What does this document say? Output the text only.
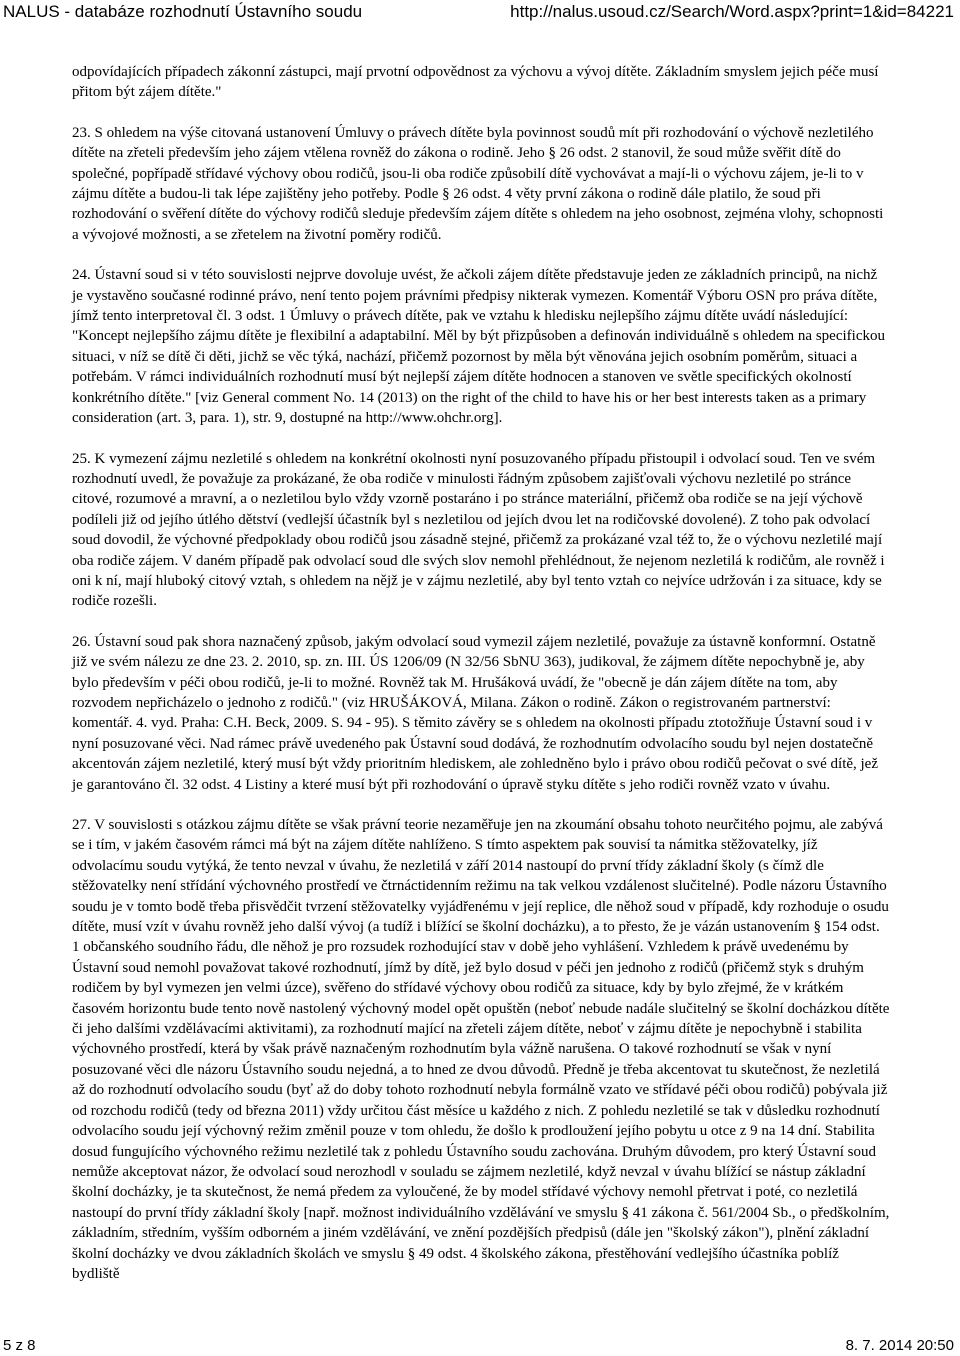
NALUS - databáze rozhodnutí Ústavního soudu	http://nalus.usoud.cz/Search/Word.aspx?print=1&id=84221

odpovídajících případech zákonní zástupci, mají prvotní odpovědnost za výchovu a vývoj dítěte. Základním smyslem jejich péče musí přitom být zájem dítěte."

23. S ohledem na výše citovaná ustanovení Úmluvy o právech dítěte byla povinnost soudů mít při rozhodování o výchově nezletilého dítěte na zřeteli především jeho zájem vtělena rovněž do zákona o rodině. Jeho § 26 odst. 2 stanovil, že soud může svěřit dítě do společné, popřípadě střídavé výchovy obou rodičů, jsou-li oba rodiče způsobilí dítě vychovávat a mají-li o výchovu zájem, je-li to v zájmu dítěte a budou-li tak lépe zajištěny jeho potřeby. Podle § 26 odst. 4 věty první zákona o rodině dále platilo, že soud při rozhodování o svěření dítěte do výchovy rodičů sleduje především zájem dítěte s ohledem na jeho osobnost, zejména vlohy, schopnosti a vývojové možnosti, a se zřetelem na životní poměry rodičů.

24. Ústavní soud si v této souvislosti nejprve dovoluje uvést, že ačkoli zájem dítěte představuje jeden ze základních principů, na nichž je vystavěno současné rodinné právo, není tento pojem právními předpisy nikterak vymezen. Komentář Výboru OSN pro práva dítěte, jímž tento interpretoval čl. 3 odst. 1 Úmluvy o právech dítěte, pak ve vztahu k hledisku nejlepšího zájmu dítěte uvádí následující: "Koncept nejlepšího zájmu dítěte je flexibilní a adaptabilní. Měl by být přizpůsoben a definován individuálně s ohledem na specifickou situaci, v níž se dítě či děti, jichž se věc týká, nachází, přičemž pozornost by měla být věnována jejich osobním poměrům, situaci a potřebám. V rámci individuálních rozhodnutí musí být nejlepší zájem dítěte hodnocen a stanoven ve světle specifických okolností konkrétního dítěte." [viz General comment No. 14 (2013) on the right of the child to have his or her best interests taken as a primary consideration (art. 3, para. 1), str. 9, dostupné na http://www.ohchr.org].

25. K vymezení zájmu nezletilé s ohledem na konkrétní okolnosti nyní posuzovaného případu přistoupil i odvolací soud. Ten ve svém rozhodnutí uvedl, že považuje za prokázané, že oba rodiče v minulosti řádným způsobem zajišťovali výchovu nezletilé po stránce citové, rozumové a mravní, a o nezletilou bylo vždy vzorně postaráno i po stránce materiální, přičemž oba rodiče se na její výchově podíleli již od jejího útlého dětství (vedlejší účastník byl s nezletilou od jejích dvou let na rodičovské dovolené). Z toho pak odvolací soud dovodil, že výchovné předpoklady obou rodičů jsou zásadně stejné, přičemž za prokázané vzal též to, že o výchovu nezletilé mají oba rodiče zájem. V daném případě pak odvolací soud dle svých slov nemohl přehlédnout, že nejenom nezletilá k rodičům, ale rovněž i oni k ní, mají hluboký citový vztah, s ohledem na nějž je v zájmu nezletilé, aby byl tento vztah co nejvíce udržován i za situace, kdy se rodiče rozešli.

26. Ústavní soud pak shora naznačený způsob, jakým odvolací soud vymezil zájem nezletilé, považuje za ústavně konformní. Ostatně již ve svém nálezu ze dne 23. 2. 2010, sp. zn. III. ÚS 1206/09 (N 32/56 SbNU 363), judikoval, že zájmem dítěte nepochybně je, aby bylo především v péči obou rodičů, je-li to možné. Rovněž tak M. Hrušáková uvádí, že "obecně je dán zájem dítěte na tom, aby rozvodem nepřicházelo o jednoho z rodičů." (viz HRUŠÁKOVÁ, Milana. Zákon o rodině. Zákon o registrovaném partnerství: komentář. 4. vyd. Praha: C.H. Beck, 2009. S. 94 - 95). S těmito závěry se s ohledem na okolnosti případu ztotožňuje Ústavní soud i v nyní posuzované věci. Nad rámec právě uvedeného pak Ústavní soud dodává, že rozhodnutím odvolacího soudu byl nejen dostatečně akcentován zájem nezletilé, který musí být vždy prioritním hlediskem, ale zohledněno bylo i právo obou rodičů pečovat o své dítě, jež je garantováno čl. 32 odst. 4 Listiny a které musí být při rozhodování o úpravě styku dítěte s jeho rodiči rovněž vzato v úvahu.

27. V souvislosti s otázkou zájmu dítěte se však právní teorie nezaměřuje jen na zkoumání obsahu tohoto neurčitého pojmu, ale zabývá se i tím, v jakém časovém rámci má být na zájem dítěte nahlíženo. S tímto aspektem pak souvisí ta námitka stěžovatelky, jíž odvolacímu soudu vytýká, že tento nevzal v úvahu, že nezletilá v září 2014 nastoupí do první třídy základní školy (s čímž dle stěžovatelky není střídání výchovného prostředí ve čtrnáctidenním režimu na tak velkou vzdálenost slučitelné). Podle názoru Ústavního soudu je v tomto bodě třeba přisvědčit tvrzení stěžovatelky vyjádřenému v její replice, dle něhož soud v případě, kdy rozhoduje o osudu dítěte, musí vzít v úvahu rovněž jeho další vývoj (a tudíž i blížící se školní docházku), a to přesto, že je vázán ustanovením § 154 odst. 1 občanského soudního řádu, dle něhož je pro rozsudek rozhodující stav v době jeho vyhlášení. Vzhledem k právě uvedenému by Ústavní soud nemohl považovat takové rozhodnutí, jímž by dítě, jež bylo dosud v péči jen jednoho z rodičů (přičemž styk s druhým rodičem by byl vymezen jen velmi úzce), svěřeno do střídavé výchovy obou rodičů za situace, kdy by bylo zřejmé, že v krátkém časovém horizontu bude tento nově nastolený výchovný model opět opuštěn (neboť nebude nadále slučitelný se školní docházkou dítěte či jeho dalšími vzdělávacími aktivitami), za rozhodnutí mající na zřeteli zájem dítěte, neboť v zájmu dítěte je nepochybně i stabilita výchovného prostředí, která by však právě naznačeným rozhodnutím byla vážně narušena. O takové rozhodnutí se však v nyní posuzované věci dle názoru Ústavního soudu nejedná, a to hned ze dvou důvodů. Předně je třeba akcentovat tu skutečnost, že nezletilá až do rozhodnutí odvolacího soudu (byť až do doby tohoto rozhodnutí nebyla formálně vzato ve střídavé péči obou rodičů) pobývala již od rozchodu rodičů (tedy od března 2011) vždy určitou část měsíce u každého z nich. Z pohledu nezletilé se tak v důsledku rozhodnutí odvolacího soudu její výchovný režim změnil pouze v tom ohledu, že došlo k prodloužení jejího pobytu u otce z 9 na 14 dní. Stabilita dosud fungujícího výchovného režimu nezletilé tak z pohledu Ústavního soudu zachována. Druhým důvodem, pro který Ústavní soud nemůže akceptovat názor, že odvolací soud nerozhodl v souladu se zájmem nezletilé, když nevzal v úvahu blížící se nástup základní školní docházky, je ta skutečnost, že nemá předem za vyloučené, že by model střídavé výchovy nemohl přetrvat i poté, co nezletilá nastoupí do první třídy základní školy [např. možnost individuálního vzdělávání ve smyslu § 41 zákona č. 561/2004 Sb., o předškolním, základním, středním, vyšším odborném a jiném vzdělávání, ve znění pozdějších předpisů (dále jen "školský zákon"), plnění základní školní docházky ve dvou základních školách ve smyslu § 49 odst. 4 školského zákona, přestěhování vedlejšího účastníka poblíž bydliště

5 z 8	8. 7. 2014 20:50
